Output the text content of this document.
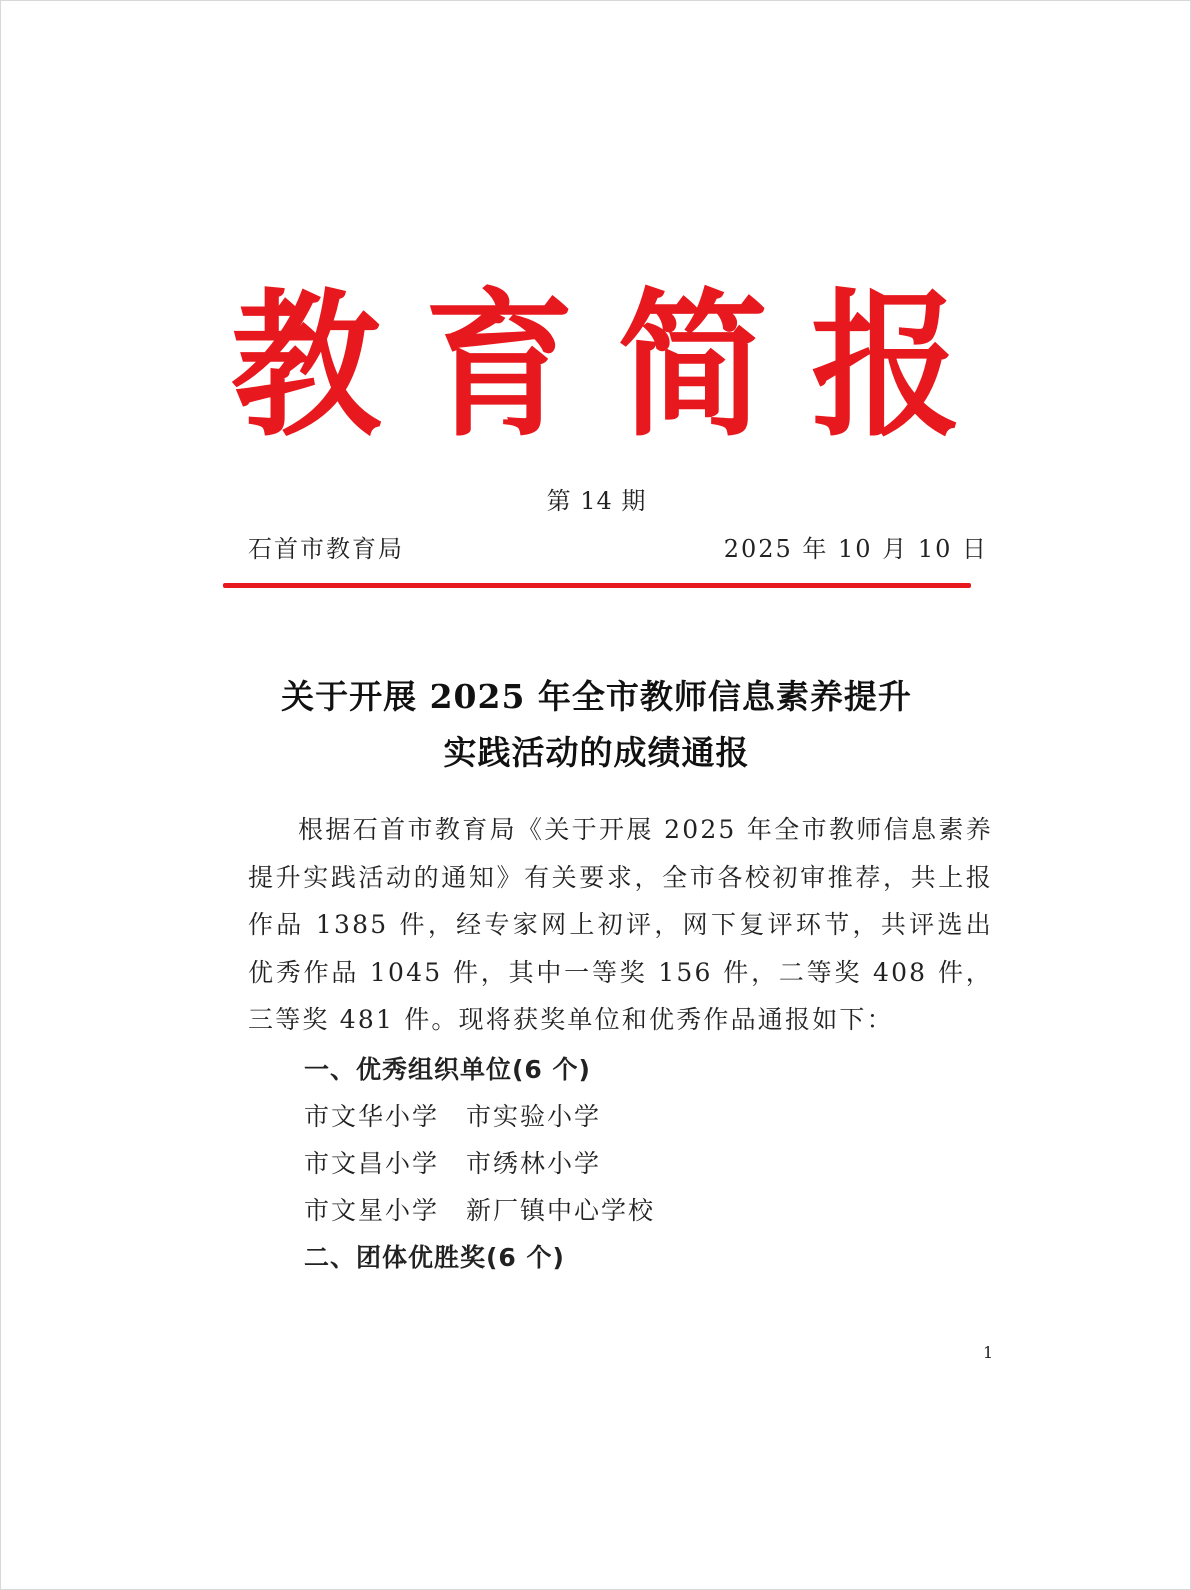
教 育 简 报
第 14 期
石首市教育局	2025 年 10 月 10 日
关于开展 2025 年全市教师信息素养提升
实践活动的成绩通报

根据石首市教育局《关于开展 2025 年全市教师信息素养提升实践活动的通知》有关要求，全市各校初审推荐，共上报作品 1385 件，经专家网上初评，网下复评环节，共评选出优秀作品 1045 件，其中一等奖 156 件，二等奖 408 件，三等奖 481 件。现将获奖单位和优秀作品通报如下：

一、优秀组织单位(6 个)
市文华小学 市实验小学
市文昌小学 市绣林小学
市文星小学 新厂镇中心学校
二、团体优胜奖(6 个)
1
